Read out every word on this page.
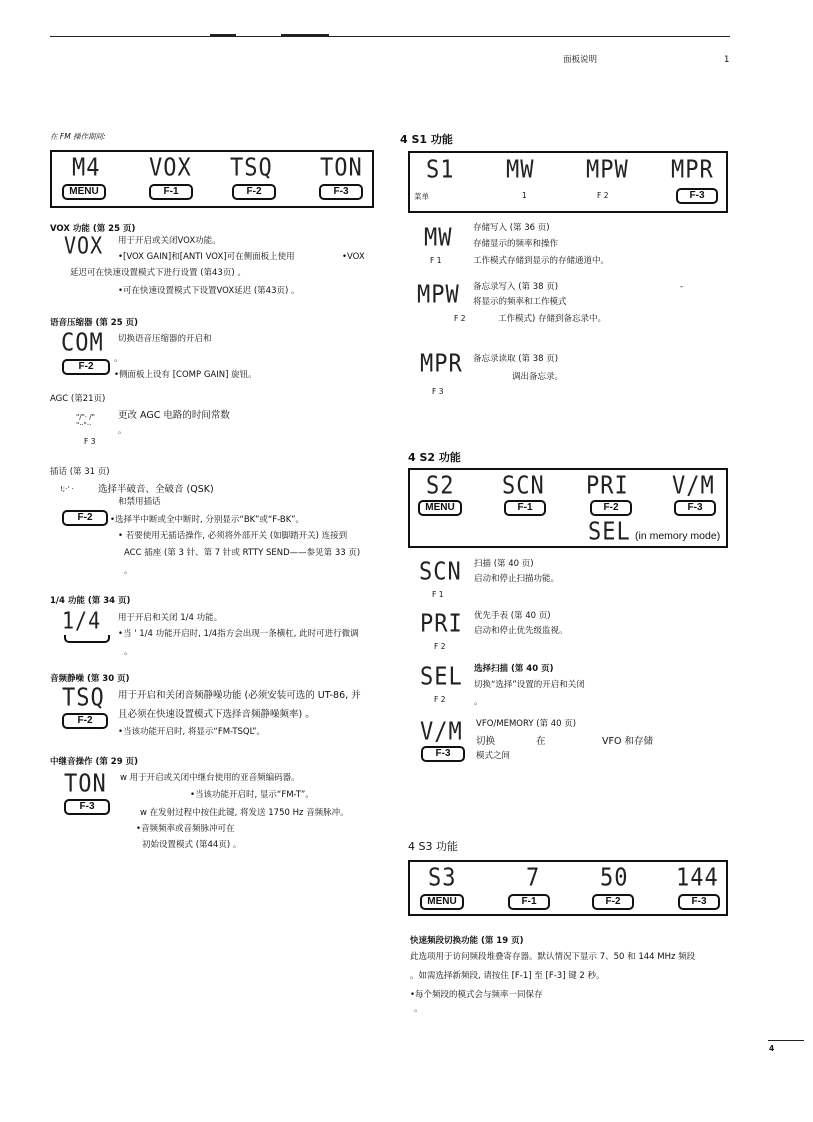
面板说明	1
在 FM 操作期间:
M4 VOX TSQ TON
MENU	F-1	F-2	F-3
VOX 功能 (第 25 页)
VOX 用于开启或关闭VOX功能。
•[VOX GAIN]和[ANTI VOX]可在侧面板上使用	•VOX
延迟可在快速设置模式下进行设置 (第43页) 。
•可在快速设置模式下设置VOX延迟 (第43页) 。
语音压缩器 (第 25 页)
COM 切换语音压缩器的开启和
F-2
。
•侧面板上设有 [COMP GAIN] 旋钮。
AGC (第21页)
"/"· /"
"··"··
更改 AGC 电路的时间常数
。
F 3
插话 (第 31 页)
!;·' ·	选择半破音、全破音 (QSK)
和禁用插话
F-2	•选择半中断或全中断时, 分别显示“BK”或“F-BK”。
• 若要使用无插话操作, 必须将外部开关 (如脚踏开关) 连接到
ACC 插座 (第 3 针、第 7 针或 RTTY SEND——参见第 33 页)
。
1/4 功能 (第 34 页)
1/4 用于开启和关闭 1/4 功能。
•当 ' 1/4 功能开启时, 1/4指方会出现一条横杠, 此时可进行微调
。
音频静噪 (第 30 页)
TSQ
F-2
用于开启和关闭音频静噪功能 (必须安装可选的 UT-86, 并
且必须在快速设置模式下选择音频静噪频率) 。
•当该功能开启时, 将显示“FM-TSQL”。
中继音操作 (第 29 页)
TON
F-3
w 用于开启或关闭中继台使用的亚音频编码器。
•当该功能开启时, 显示“FM-T”。
w 在发射过程中按住此键, 将发送 1750 Hz 音频脉冲。
•音频频率或音频脉冲可在
初始设置模式 (第44页) 。
4 S1 功能
S1 MW MPW MPR
菜单	1	F 2	F-3
MW
F 1
存储写入 (第 36 页)
存储显示的频率和操作
工作模式存储到显示的存储通道中。
MPW
F 2
备忘录写入 (第 38 页)	-
将显示的频率和工作模式
工作模式) 存储到备忘录中。
MPR
F 3
备忘录读取 (第 38 页)
调出备忘录。
4 S2 功能
S2 SCN PRI V/M
MENU	F-1	F-2	F-3
SEL (in memory mode)
SCN
F 1
扫描 (第 40 页)
启动和停止扫描功能。
PRI
F 2
优先手表 (第 40 页)
启动和停止优先级监视。
SEL
F 2
选择扫描 (第 40 页)
切换“选择”设置的开启和关闭
。
V/M
F-3
VFO/MEMORY (第 40 页)
切换	在	VFO 和存储
模式之间
4 S3 功能
S3	7	50 144
MENU	F-1	F-2	F-3
快速频段切换功能 (第 19 页)
此选项用于访问频段堆叠寄存器。默认情况下显示 7、50 和 144 MHz 频段
。如需选择新频段, 请按住 [F-1] 至 [F-3] 键 2 秒。
•每个频段的模式会与频率一同保存
。
4
